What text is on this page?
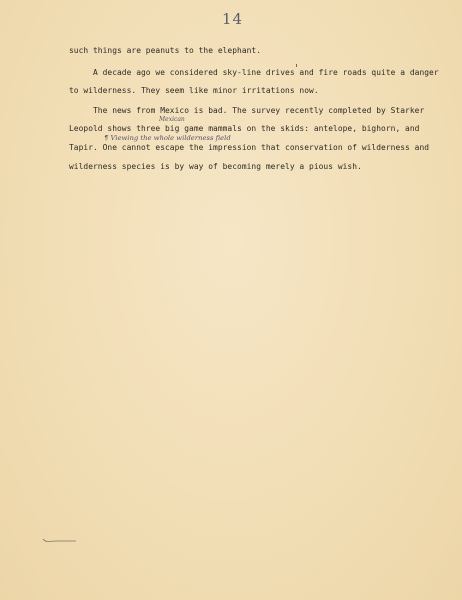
14
such things are peanuts to the elephant.
A decade ago we considered sky-line drives and fire roads quite a danger
to wilderness. They seem like minor irritations now.
The news from Mexico is bad. The survey recently completed by Starker
Mexican
Leopold shows three big game mammals on the skids: antelope, bighorn, and
¶ Viewing the whole wilderness field
Tapir. One cannot escape the impression that conservation of wilderness and
wilderness species is by way of becoming merely a pious wish.
